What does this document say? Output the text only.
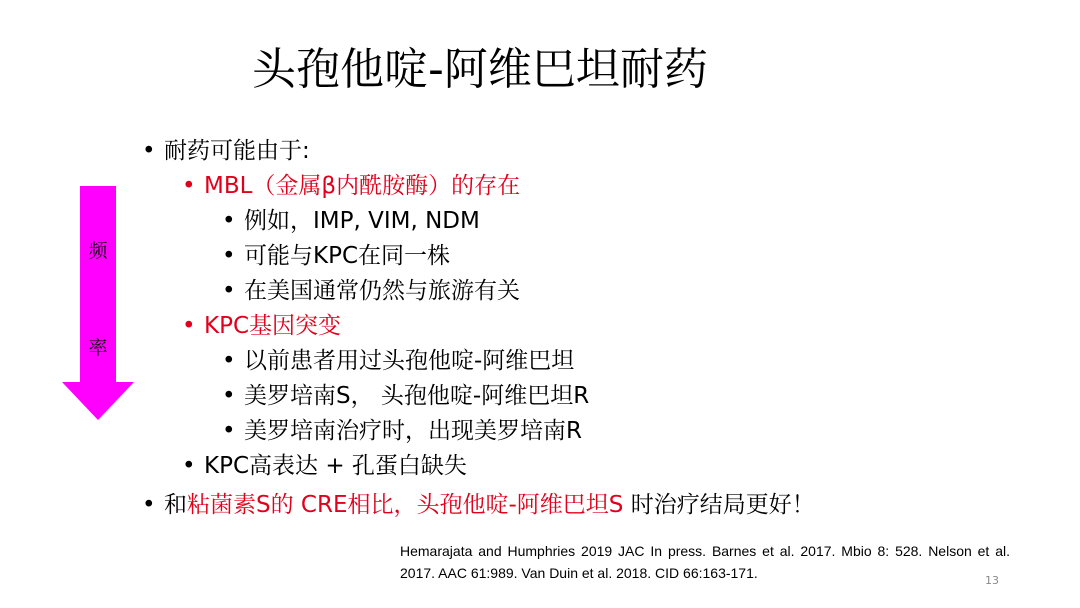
头孢他啶-阿维巴坦耐药
频
率
• 耐药可能由于:
• MBL（金属β内酰胺酶）的存在
• 例如，IMP, VIM, NDM
• 可能与KPC在同一株
• 在美国通常仍然与旅游有关
• KPC基因突变
• 以前患者用过头孢他啶-阿维巴坦
• 美罗培南S， 头孢他啶-阿维巴坦R
• 美罗培南治疗时，出现美罗培南R
• KPC高表达 + 孔蛋白缺失
• 和粘菌素S的 CRE相比，头孢他啶-阿维巴坦S 时治疗结局更好！
Hemarajata and Humphries 2019 JAC In press. Barnes et al. 2017. Mbio 8: 528. Nelson et al. 2017. AAC 61:989. Van Duin et al. 2018. CID 66:163-171.	13
